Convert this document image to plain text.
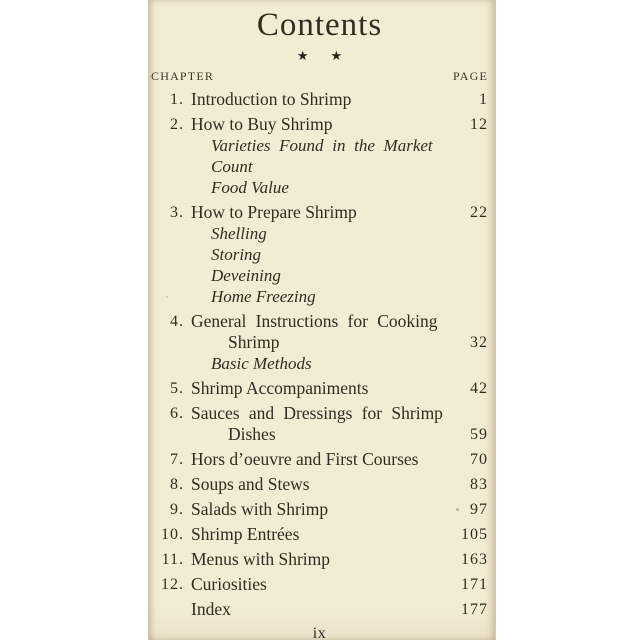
Contents
★ ★
CHAPTER	PAGE
1. Introduction to Shrimp	1
2. How to Buy Shrimp	12
Varieties Found in the Market
Count
Food Value
3. How to Prepare Shrimp	22
Shelling
Storing
Deveining
Home Freezing
4. General Instructions for Cooking
Shrimp	32
Basic Methods
5. Shrimp Accompaniments	42
6. Sauces and Dressings for Shrimp
Dishes	59
7. Hors d’oeuvre and First Courses	70
8. Soups and Stews	83
9. Salads with Shrimp	97
10. Shrimp Entrées	105
11. Menus with Shrimp	163
12. Curiosities	171
Index	177
ix
